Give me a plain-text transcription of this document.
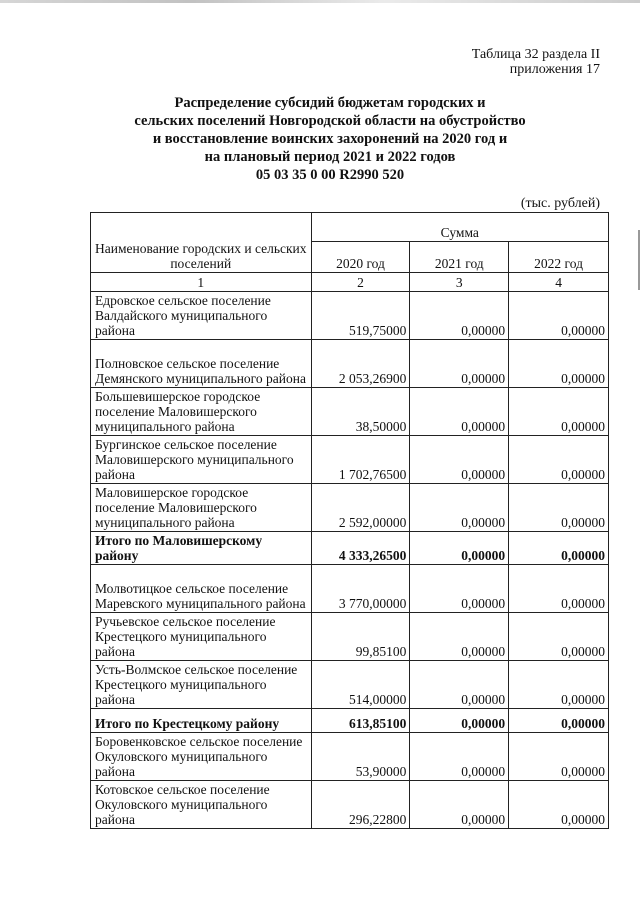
Таблица 32 раздела II
приложения 17
Распределение субсидий бюджетам городских и
сельских поселений Новгородской области на обустройство
и восстановление воинских захоронений на 2020 год и
на плановый период 2021 и 2022 годов
05 03 35 0 00 R2990 520
(тыс. рублей)
Наименование городских и сельских поселений	Сумма		
	2020 год	2021 год	2022 год
1	2	3	4
Едровское сельское поселение Валдайского муниципального района	519,75000	0,00000	0,00000
Полновское сельское поселение Демянского муниципального района	2 053,26900	0,00000	0,00000
Большевишерское городское поселение Маловишерского муниципального района	38,50000	0,00000	0,00000
Бургинское сельское поселение Маловишерского муниципального района	1 702,76500	0,00000	0,00000
Маловишерское городское поселение Маловишерского муниципального района	2 592,00000	0,00000	0,00000
Итого по Маловишерскому району	4 333,26500	0,00000	0,00000
Молвотицкое сельское поселение Маревского муниципального района	3 770,00000	0,00000	0,00000
Ручьевское сельское поселение Крестецкого муниципального района	99,85100	0,00000	0,00000
Усть-Волмское сельское поселение Крестецкого муниципального района	514,00000	0,00000	0,00000
Итого по Крестецкому району	613,85100	0,00000	0,00000
Боровенковское сельское поселение Окуловского муниципального района	53,90000	0,00000	0,00000
Котовское сельское поселение Окуловского муниципального района	296,22800	0,00000	0,00000
